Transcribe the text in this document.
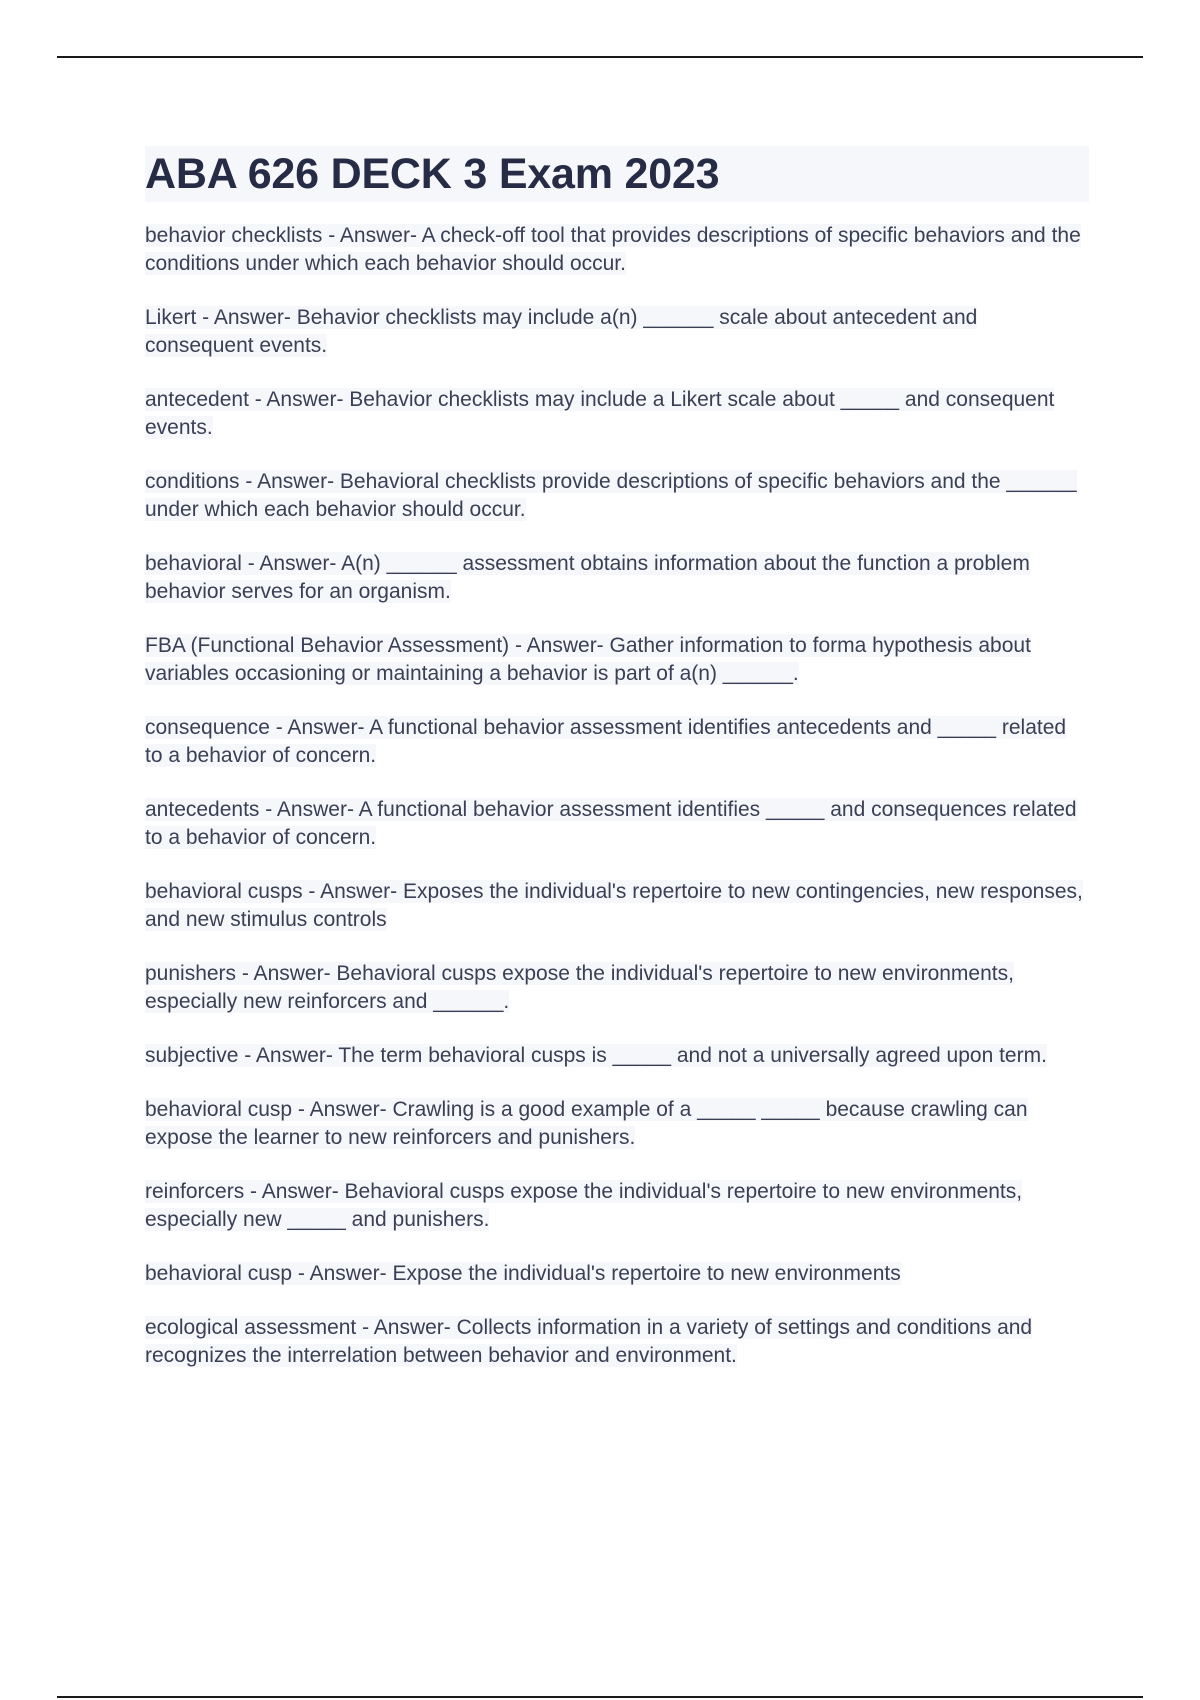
ABA 626 DECK 3 Exam 2023

behavior checklists - Answer- A check-off tool that provides descriptions of specific behaviors and the conditions under which each behavior should occur.

Likert - Answer- Behavior checklists may include a(n) ______ scale about antecedent and consequent events.

antecedent - Answer- Behavior checklists may include a Likert scale about _____ and consequent events.

conditions - Answer- Behavioral checklists provide descriptions of specific behaviors and the ______ under which each behavior should occur.

behavioral - Answer- A(n) ______ assessment obtains information about the function a problem behavior serves for an organism.

FBA (Functional Behavior Assessment) - Answer- Gather information to forma hypothesis about variables occasioning or maintaining a behavior is part of a(n) ______.

consequence - Answer- A functional behavior assessment identifies antecedents and _____ related to a behavior of concern.

antecedents - Answer- A functional behavior assessment identifies _____ and consequences related to a behavior of concern.

behavioral cusps - Answer- Exposes the individual's repertoire to new contingencies, new responses, and new stimulus controls

punishers - Answer- Behavioral cusps expose the individual's repertoire to new environments, especially new reinforcers and ______.

subjective - Answer- The term behavioral cusps is _____ and not a universally agreed upon term.

behavioral cusp - Answer- Crawling is a good example of a _____ _____ because crawling can expose the learner to new reinforcers and punishers.

reinforcers - Answer- Behavioral cusps expose the individual's repertoire to new environments, especially new _____ and punishers.

behavioral cusp - Answer- Expose the individual's repertoire to new environments

ecological assessment - Answer- Collects information in a variety of settings and conditions and recognizes the interrelation between behavior and environment.
